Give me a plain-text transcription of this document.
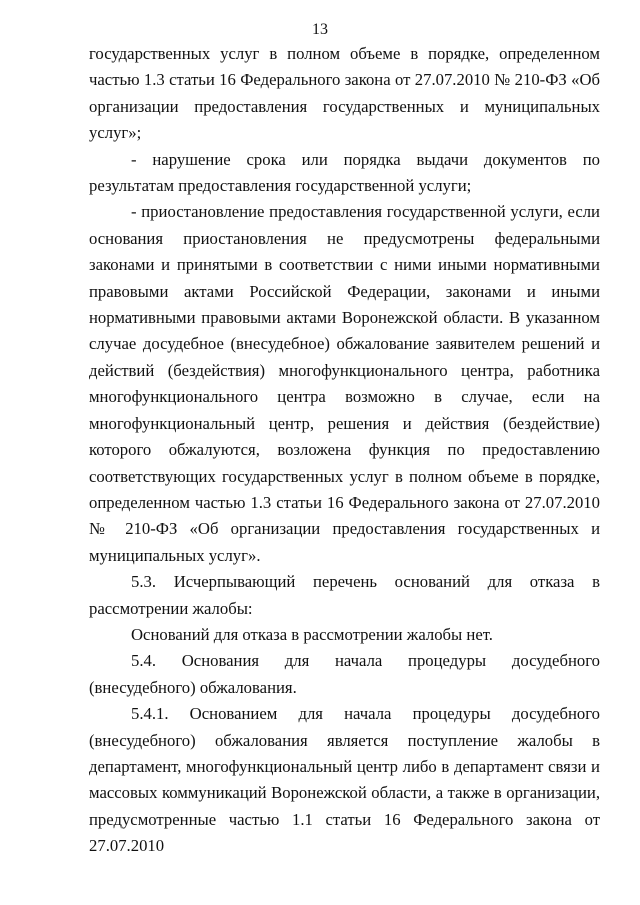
13

государственных услуг в полном объеме в порядке, определенном частью 1.3 статьи 16 Федерального закона от 27.07.2010 № 210-ФЗ «Об организации предоставления государственных и муниципальных услуг»;

- нарушение срока или порядка выдачи документов по результатам предоставления государственной услуги;

- приостановление предоставления государственной услуги, если основания приостановления не предусмотрены федеральными законами и принятыми в соответствии с ними иными нормативными правовыми актами Российской Федерации, законами и иными нормативными правовыми актами Воронежской области. В указанном случае досудебное (внесудебное) обжалование заявителем решений и действий (бездействия) многофункционального центра, работника многофункционального центра возможно в случае, если на многофункциональный центр, решения и действия (бездействие) которого обжалуются, возложена функция по предоставлению соответствующих государственных услуг в полном объеме в порядке, определенном частью 1.3 статьи 16 Федерального закона от 27.07.2010 № 210-ФЗ «Об организации предоставления государственных и муниципальных услуг».

5.3. Исчерпывающий перечень оснований для отказа в рассмотрении жалобы:

Оснований для отказа в рассмотрении жалобы нет.

5.4. Основания для начала процедуры досудебного (внесудебного) обжалования.

5.4.1. Основанием для начала процедуры досудебного (внесудебного) обжалования является поступление жалобы в департамент, многофункциональный центр либо в департамент связи и массовых коммуникаций Воронежской области, а также в организации, предусмотренные частью 1.1 статьи 16 Федерального закона от 27.07.2010
